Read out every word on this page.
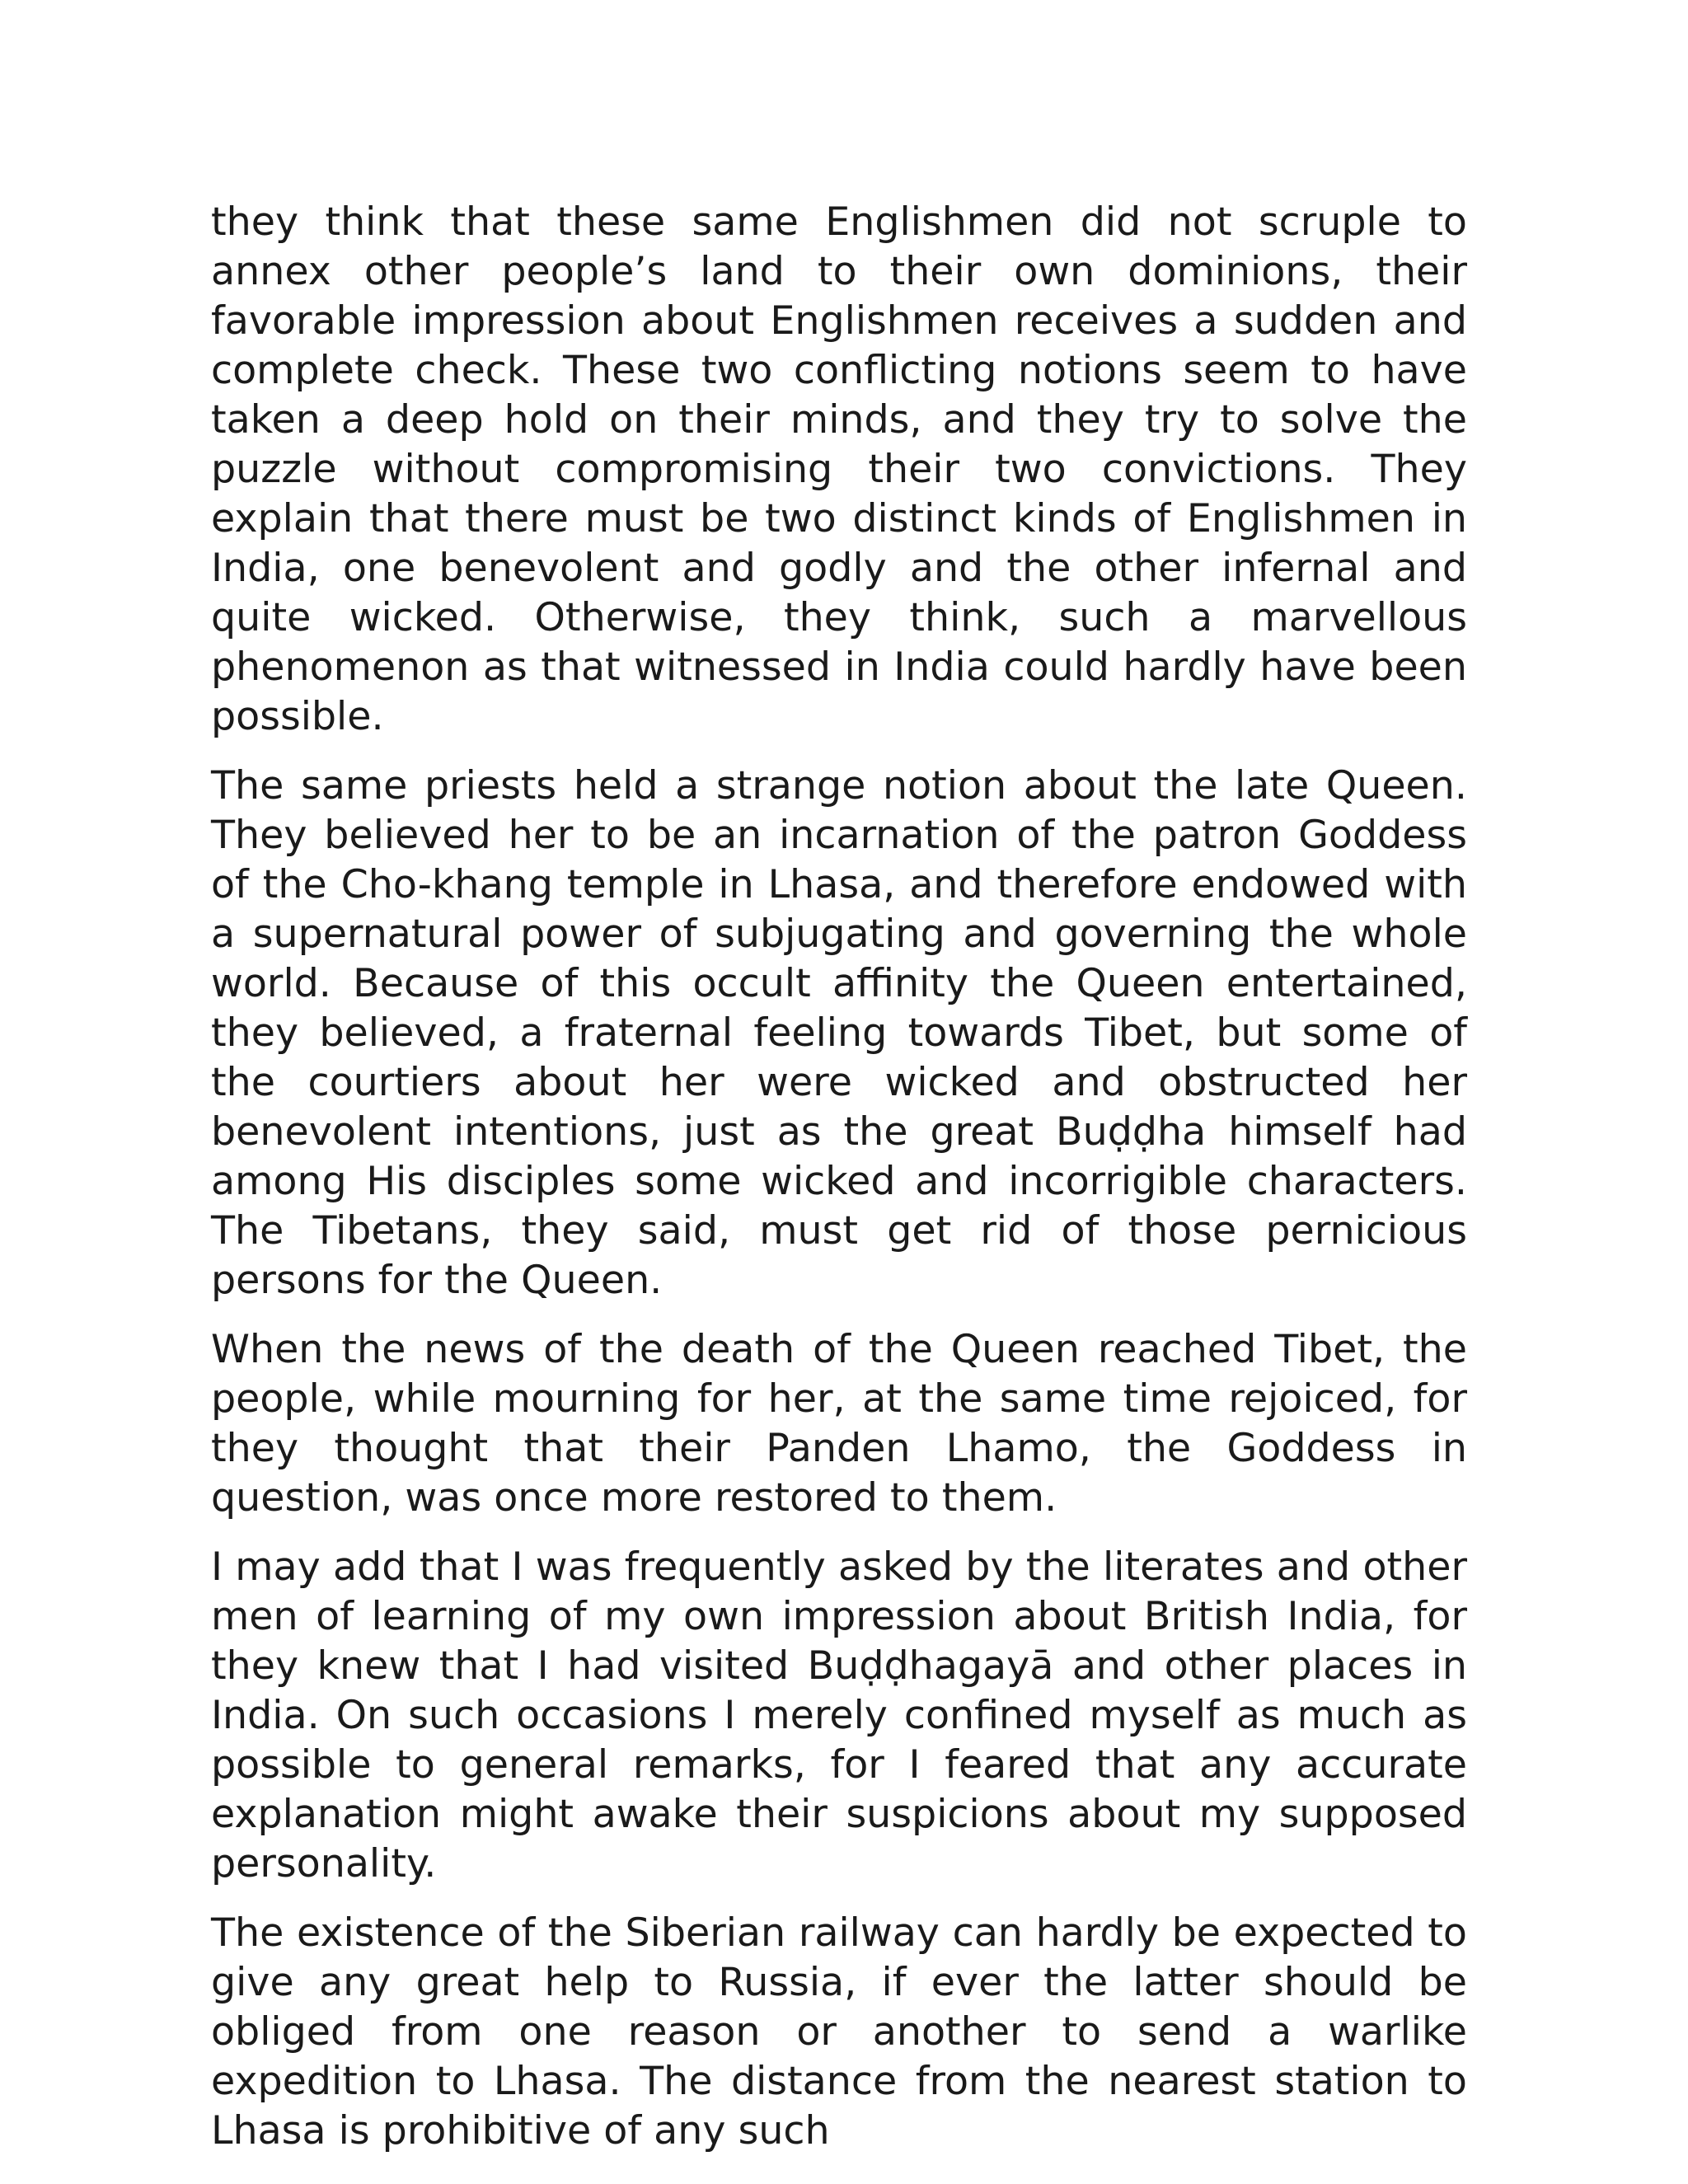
they think that these same Englishmen did not scruple to annex other people’s land to their own dominions, their favorable impression about Englishmen receives a sudden and complete check. These two conflicting notions seem to have taken a deep hold on their minds, and they try to solve the puzzle without compromising their two convictions. They explain that there must be two distinct kinds of Englishmen in India, one benevolent and godly and the other infernal and quite wicked. Otherwise, they think, such a marvellous phenomenon as that witnessed in India could hardly have been possible.

The same priests held a strange notion about the late Queen. They believed her to be an incarnation of the patron Goddess of the Cho-khang temple in Lhasa, and therefore endowed with a supernatural power of subjugating and governing the whole world. Because of this occult affinity the Queen entertained, they believed, a fraternal feeling towards Tibet, but some of the courtiers about her were wicked and obstructed her benevolent intentions, just as the great Buḍḍha himself had among His disciples some wicked and incorrigible characters. The Tibetans, they said, must get rid of those pernicious persons for the Queen.

When the news of the death of the Queen reached Tibet, the people, while mourning for her, at the same time rejoiced, for they thought that their Panden Lhamo, the Goddess in question, was once more restored to them.

I may add that I was frequently asked by the literates and other men of learning of my own impression about British India, for they knew that I had visited Buḍḍhagayā and other places in India. On such occasions I merely confined myself as much as possible to general remarks, for I feared that any accurate explanation might awake their suspicions about my supposed personality.

The existence of the Siberian railway can hardly be expected to give any great help to Russia, if ever the latter should be obliged from one reason or another to send a warlike expedition to Lhasa. The distance from the nearest station to Lhasa is prohibitive of any such
